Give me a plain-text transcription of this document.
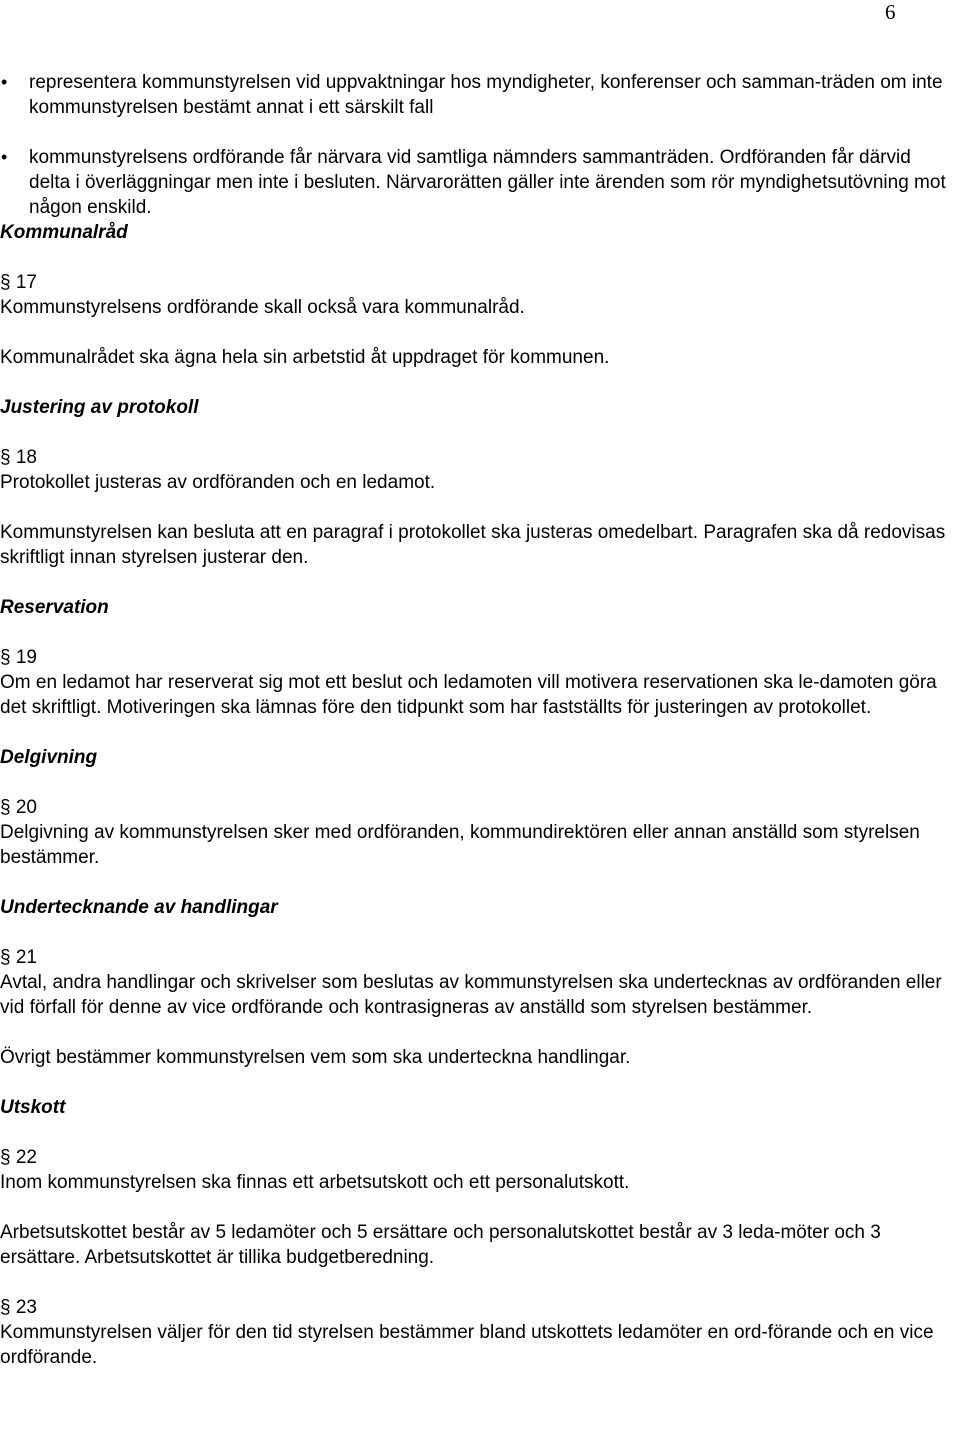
6
• representera kommunstyrelsen vid uppvaktningar hos myndigheter, konferenser och samman-träden om inte kommunstyrelsen bestämt annat i ett särskilt fall
• kommunstyrelsens ordförande får närvara vid samtliga nämnders sammanträden. Ordföranden får därvid delta i överläggningar men inte i besluten. Närvarorätten gäller inte ärenden som rör myndighetsutövning mot någon enskild.
Kommunalråd

§ 17

Kommunstyrelsens ordförande skall också vara kommunalråd.

Kommunalrådet ska ägna hela sin arbetstid åt uppdraget för kommunen.

Justering av protokoll

§ 18

Protokollet justeras av ordföranden och en ledamot.

Kommunstyrelsen kan besluta att en paragraf i protokollet ska justeras omedelbart. Paragrafen ska då redovisas skriftligt innan styrelsen justerar den.

Reservation

§ 19

Om en ledamot har reserverat sig mot ett beslut och ledamoten vill motivera reservationen ska le-damoten göra det skriftligt. Motiveringen ska lämnas före den tidpunkt som har fastställts för justeringen av protokollet.

Delgivning

§ 20

Delgivning av kommunstyrelsen sker med ordföranden, kommundirektören eller annan anställd som styrelsen bestämmer.

Undertecknande av handlingar

§ 21

Avtal, andra handlingar och skrivelser som beslutas av kommunstyrelsen ska undertecknas av ordföranden eller vid förfall för denne av vice ordförande och kontrasigneras av anställd som styrelsen bestämmer.

Övrigt bestämmer kommunstyrelsen vem som ska underteckna handlingar.

Utskott

§ 22

Inom kommunstyrelsen ska finnas ett arbetsutskott och ett personalutskott.

Arbetsutskottet består av 5 ledamöter och 5 ersättare och personalutskottet består av 3 leda-möter och 3 ersättare. Arbetsutskottet är tillika budgetberedning.

§ 23

Kommunstyrelsen väljer för den tid styrelsen bestämmer bland utskottets ledamöter en ord-förande och en vice ordförande.
